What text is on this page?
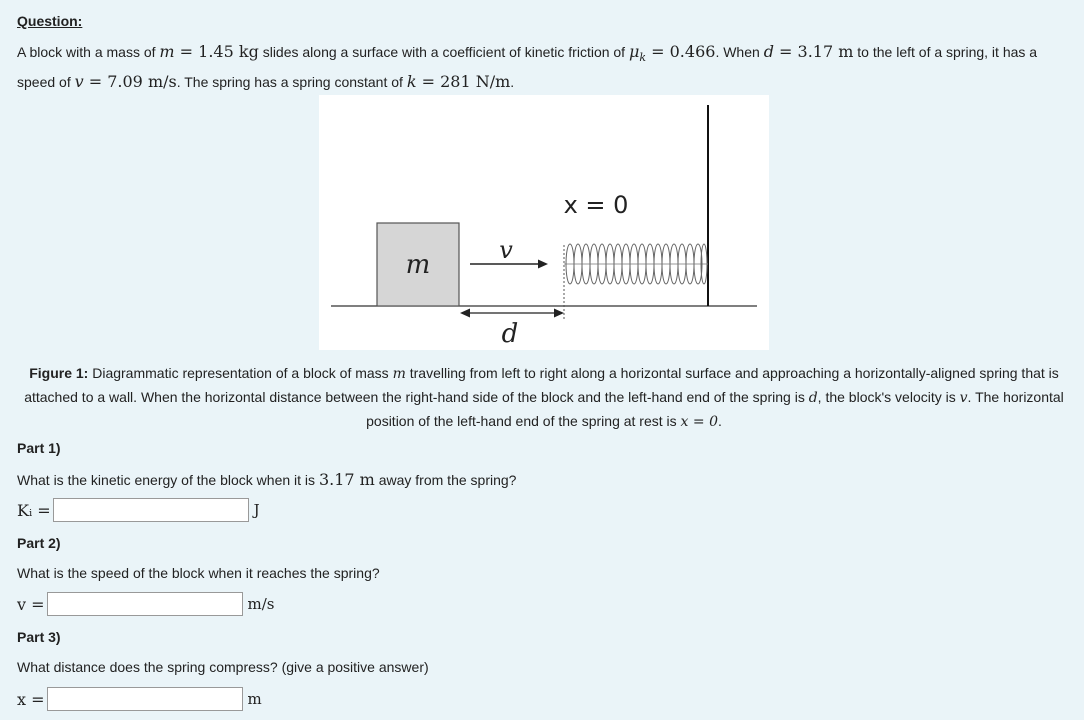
Question:
A block with a mass of m = 1.45 kg slides along a surface with a coefficient of kinetic friction of $\mu_k = 0.466$. When d = 3.17 m to the left of a spring, it has a speed of v = 7.09 m/s. The spring has a spring constant of k = 281 N/m.
m	v
x = 0
d
Figure 1: Diagrammatic representation of a block of mass m travelling from left to right along a horizontal surface and approaching a horizontally-aligned spring that is attached to a wall. When the horizontal distance between the right-hand side of the block and the left-hand end of the spring is d, the block's velocity is v. The horizontal position of the left-hand end of the spring at rest is x = 0.
Part 1)
What is the kinetic energy of the block when it is 3.17 m away from the spring?
Kᵢ =	J
Part 2)
What is the speed of the block when it reaches the spring?
v =	m/s
Part 3)
What distance does the spring compress? (give a positive answer)
x =	m
